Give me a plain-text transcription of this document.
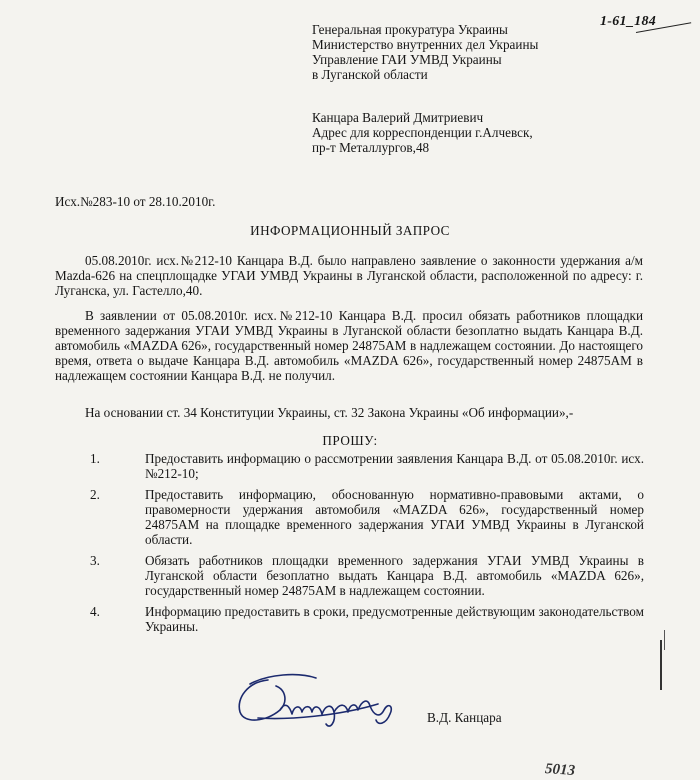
1-61_184
Генеральная прокуратура Украины
Министерство внутренних дел Украины
Управление ГАИ УМВД Украины
в Луганской области
Канцара Валерий Дмитриевич
Адрес для корреспонденции г.Алчевск,
пр-т Металлургов,48
Исх.№283-10 от 28.10.2010г.
ИНФОРМАЦИОННЫЙ ЗАПРОС
05.08.2010г. исх.№212-10 Канцара В.Д. было направлено заявление о законности удержания а/м Mazda-626 на спецплощадке УГАИ УМВД Украины в Луганской области, расположенной по адресу: г. Луганска, ул. Гастелло,40.
В заявлении от 05.08.2010г. исх.№212-10 Канцара В.Д. просил обязать работников площадки временного задержания УГАИ УМВД Украины в Луганской области безоплатно выдать Канцара В.Д. автомобиль «MAZDA 626», государственный номер 24875АМ в надлежащем состоянии. До настоящего время, ответа о выдачe Канцара В.Д. автомобиль «MAZDA 626», государственный номер 24875АМ в надлежащем состоянии Канцара В.Д. не получил.
На основании ст. 34 Конституции Украины, ст. 32 Закона Украины «Об информации»,-
ПРОШУ:
1.	Предоставить информацию о рассмотрении заявления Канцара В.Д. от 05.08.2010г. исх.№212-10;
2.	Предоставить информацию, обоснованную нормативно-правовыми актами, о правомерности удержания автомобиля «MAZDA 626», государственный номер 24875АМ на площадке временного задержания УГАИ УМВД Украины в Луганской области.
3.	Обязать работников площадки временного задержания УГАИ УМВД Украины в Луганской области безоплатно выдать Канцара В.Д. автомобиль «MAZDA 626», государственный номер 24875АМ в надлежащем состоянии.
4.	Информацию предоставить в сроки, предусмотренные действующим законодательством Украины.
В.Д. Канцара
5013
